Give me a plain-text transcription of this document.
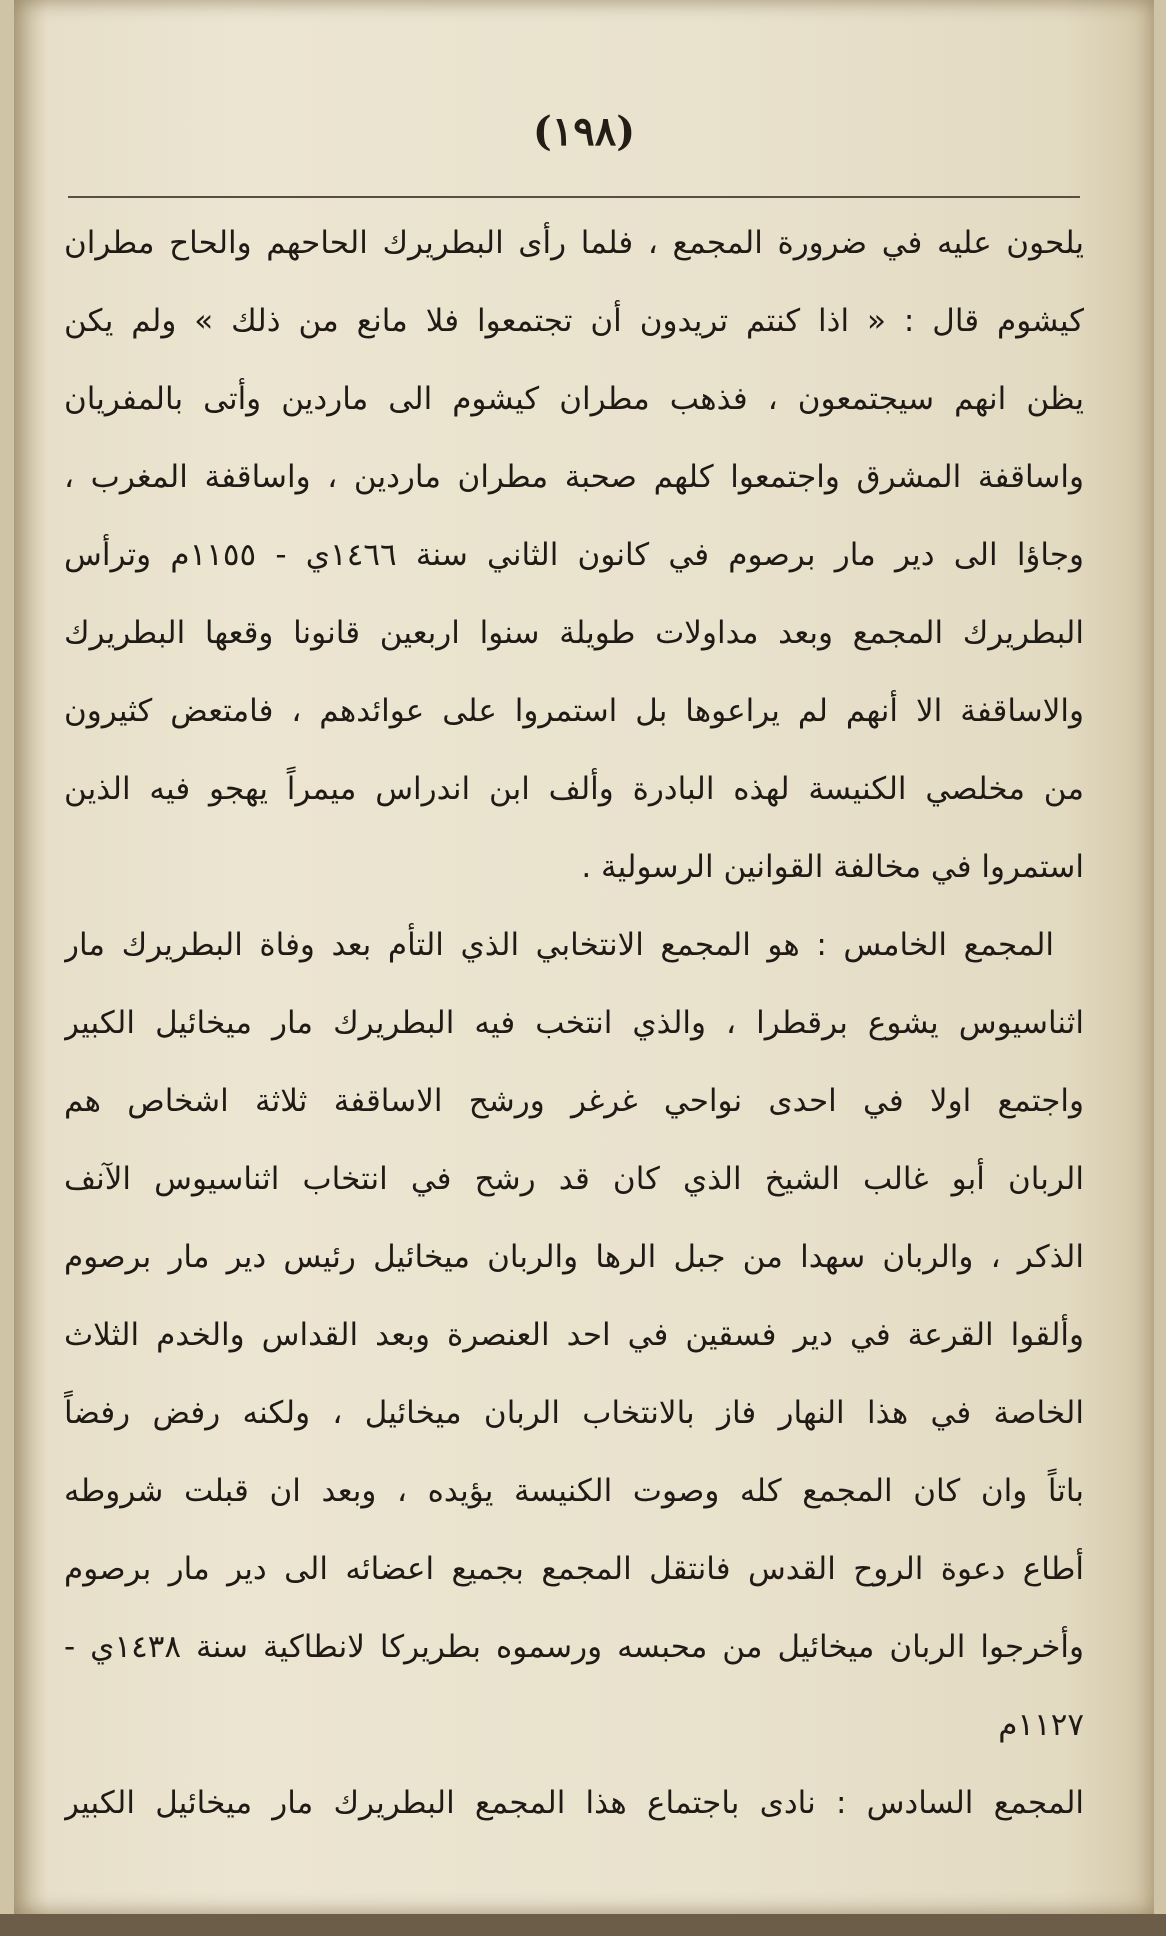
(١٩٨)
يلحون عليه في ضرورة المجمع ، فلما رأى البطريرك الحاحهم والحاح مطران
كيشوم قال : « اذا كنتم تريدون أن تجتمعوا فلا مانع من ذلك » ولم يكن
يظن انهم سيجتمعون ، فذهب مطران كيشوم الى ماردين وأتى بالمفريان
واساقفة المشرق واجتمعوا كلهم صحبة مطران ماردين ، واساقفة المغرب ،
وجاؤا الى دير مار برصوم في كانون الثاني سنة ١٤٦٦ي - ١١٥٥م وترأس
البطريرك المجمع وبعد مداولات طويلة سنوا اربعين قانونا وقعها البطريرك
والاساقفة الا أنهم لم يراعوها بل استمروا على عوائدهم ، فامتعض كثيرون
من مخلصي الكنيسة لهذه البادرة وألف ابن اندراس ميمراً يهجو فيه الذين
استمروا في مخالفة القوانين الرسولية .
المجمع الخامس : هو المجمع الانتخابي الذي التأم بعد وفاة البطريرك مار
اثناسيوس يشوع برقطرا ، والذي انتخب فيه البطريرك مار ميخائيل الكبير
واجتمع اولا في احدى نواحي غرغر ورشح الاساقفة ثلاثة اشخاص هم
الربان أبو غالب الشيخ الذي كان قد رشح في انتخاب اثناسيوس الآنف
الذكر ، والربان سهدا من جبل الرها والربان ميخائيل رئيس دير مار برصوم
وألقوا القرعة في دير فسقين في احد العنصرة وبعد القداس والخدم الثلاث
الخاصة في هذا النهار فاز بالانتخاب الربان ميخائيل ، ولكنه رفض رفضاً
باتاً وان كان المجمع كله وصوت الكنيسة يؤيده ، وبعد ان قبلت شروطه
أطاع دعوة الروح القدس فانتقل المجمع بجميع اعضائه الى دير مار برصوم
وأخرجوا الربان ميخائيل من محبسه ورسموه بطريركا لانطاكية سنة ١٤٣٨ي -
١١٢٧م
المجمع السادس : نادى باجتماع هذا المجمع البطريرك مار ميخائيل الكبير
